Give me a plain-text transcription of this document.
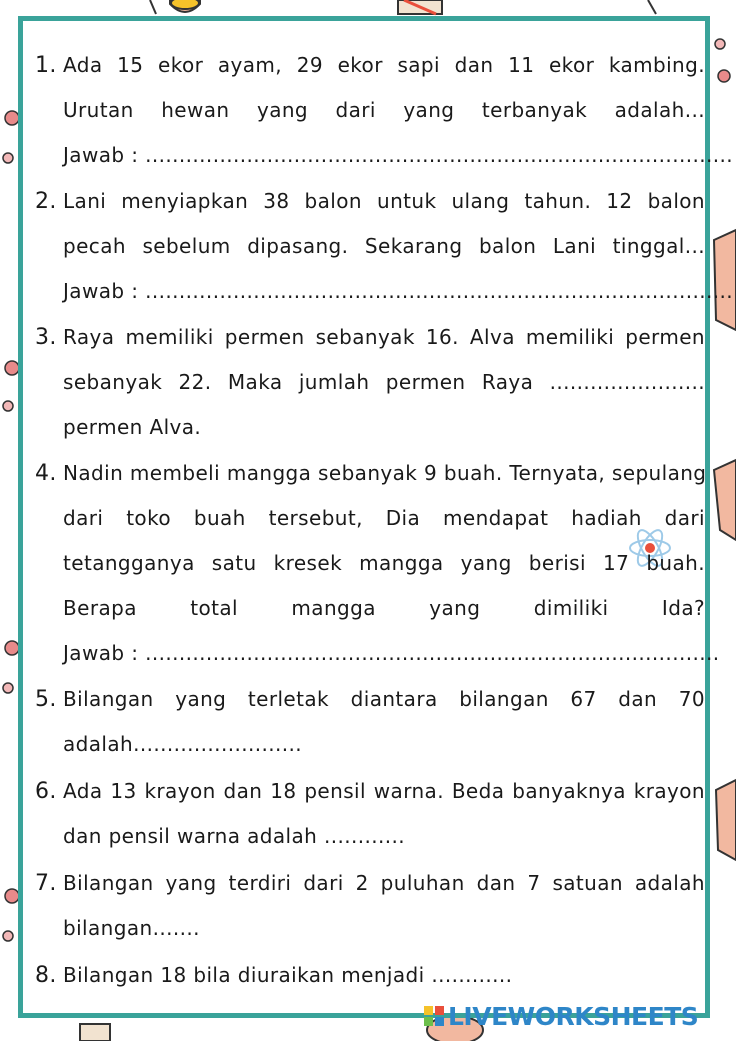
1. Ada 15 ekor ayam, 29 ekor sapi dan 11 ekor kambing.
Urutan hewan yang dari yang terbanyak adalah...
Jawab : .......................................................................................
2. Lani menyiapkan 38 balon untuk ulang tahun. 12 balon
pecah sebelum dipasang. Sekarang balon Lani tinggal...
Jawab : .......................................................................................
3. Raya memiliki permen sebanyak 16. Alva memiliki permen
sebanyak 22. Maka jumlah permen Raya .......................
permen Alva.
4. Nadin membeli mangga sebanyak 9 buah. Ternyata, sepulang
dari toko buah tersebut, Dia mendapat hadiah dari
tetangganya satu kresek mangga yang berisi 17 buah.
Berapa total mangga yang dimiliki Ida?
Jawab : .....................................................................................
5. Bilangan yang terletak diantara bilangan 67 dan 70
adalah.........................
6. Ada 13 krayon dan 18 pensil warna. Beda banyaknya krayon
dan pensil warna adalah ............
7. Bilangan yang terdiri dari 2 puluhan dan 7 satuan adalah
bilangan.......
8. Bilangan 18 bila diuraikan menjadi ............
LIVEWORKSHEETS
